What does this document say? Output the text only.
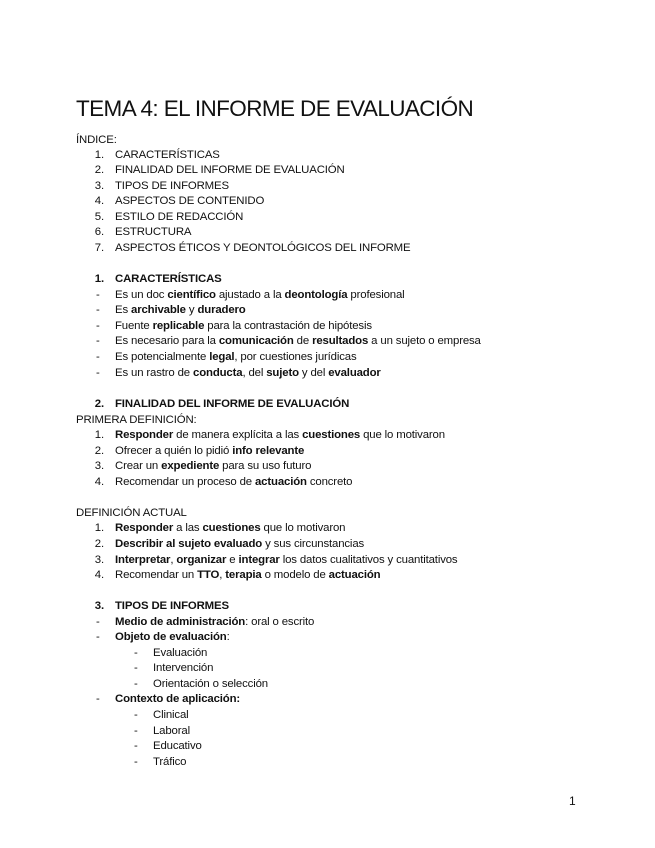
TEMA 4: EL INFORME DE EVALUACIÓN
ÍNDICE:
1. CARACTERÍSTICAS
2. FINALIDAD DEL INFORME DE EVALUACIÓN
3. TIPOS DE INFORMES
4. ASPECTOS DE CONTENIDO
5. ESTILO DE REDACCIÓN
6. ESTRUCTURA
7. ASPECTOS ÉTICOS Y DEONTOLÓGICOS DEL INFORME
1. CARACTERÍSTICAS
- Es un doc científico ajustado a la deontología profesional
- Es archivable y duradero
- Fuente replicable para la contrastación de hipótesis
- Es necesario para la comunicación de resultados a un sujeto o empresa
- Es potencialmente legal, por cuestiones jurídicas
- Es un rastro de conducta, del sujeto y del evaluador
2. FINALIDAD DEL INFORME DE EVALUACIÓN
PRIMERA DEFINICIÓN:
1. Responder de manera explícita a las cuestiones que lo motivaron
2. Ofrecer a quién lo pidió info relevante
3. Crear un expediente para su uso futuro
4. Recomendar un proceso de actuación concreto
DEFINICIÓN ACTUAL
1. Responder a las cuestiones que lo motivaron
2. Describir al sujeto evaluado y sus circunstancias
3. Interpretar, organizar e integrar los datos cualitativos y cuantitativos
4. Recomendar un TTO, terapia o modelo de actuación
3. TIPOS DE INFORMES
- Medio de administración: oral o escrito
- Objeto de evaluación:
- Evaluación
- Intervención
- Orientación o selección
- Contexto de aplicación:
- Clinical
- Laboral
- Educativo
- Tráfico
1
